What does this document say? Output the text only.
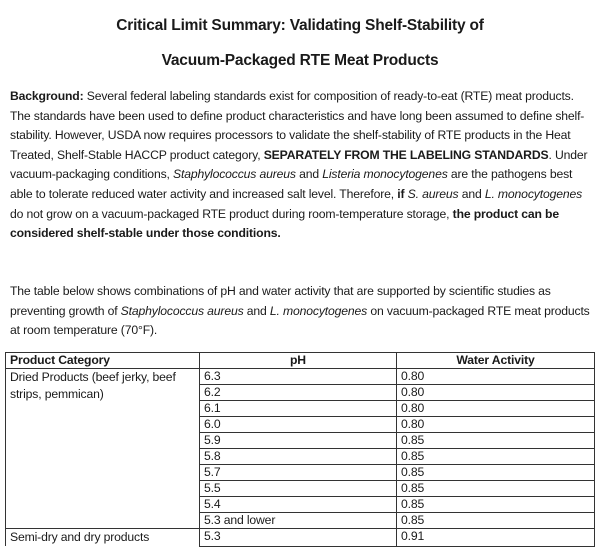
Critical Limit Summary: Validating Shelf-Stability of
Vacuum-Packaged RTE Meat Products
Background: Several federal labeling standards exist for composition of ready-to-eat (RTE) meat products. The standards have been used to define product characteristics and have long been assumed to define shelf-stability. However, USDA now requires processors to validate the shelf-stability of RTE products in the Heat Treated, Shelf-Stable HACCP product category, SEPARATELY FROM THE LABELING STANDARDS. Under vacuum-packaging conditions, Staphylococcus aureus and Listeria monocytogenes are the pathogens best able to tolerate reduced water activity and increased salt level. Therefore, if S. aureus and L. monocytogenes do not grow on a vacuum-packaged RTE product during room-temperature storage, the product can be considered shelf-stable under those conditions.
The table below shows combinations of pH and water activity that are supported by scientific studies as preventing growth of Staphylococcus aureus and L. monocytogenes on vacuum-packaged RTE meat products at room temperature (70°F).
Product Category	pH	Water Activity
Dried Products (beef jerky, beef strips, pemmican)	6.3	0.80
	6.2	0.80
	6.1	0.80
	6.0	0.80
	5.9	0.85
	5.8	0.85
	5.7	0.85
	5.5	0.85
	5.4	0.85
	5.3 and lower	0.85
Semi-dry and dry products	5.3	0.91
